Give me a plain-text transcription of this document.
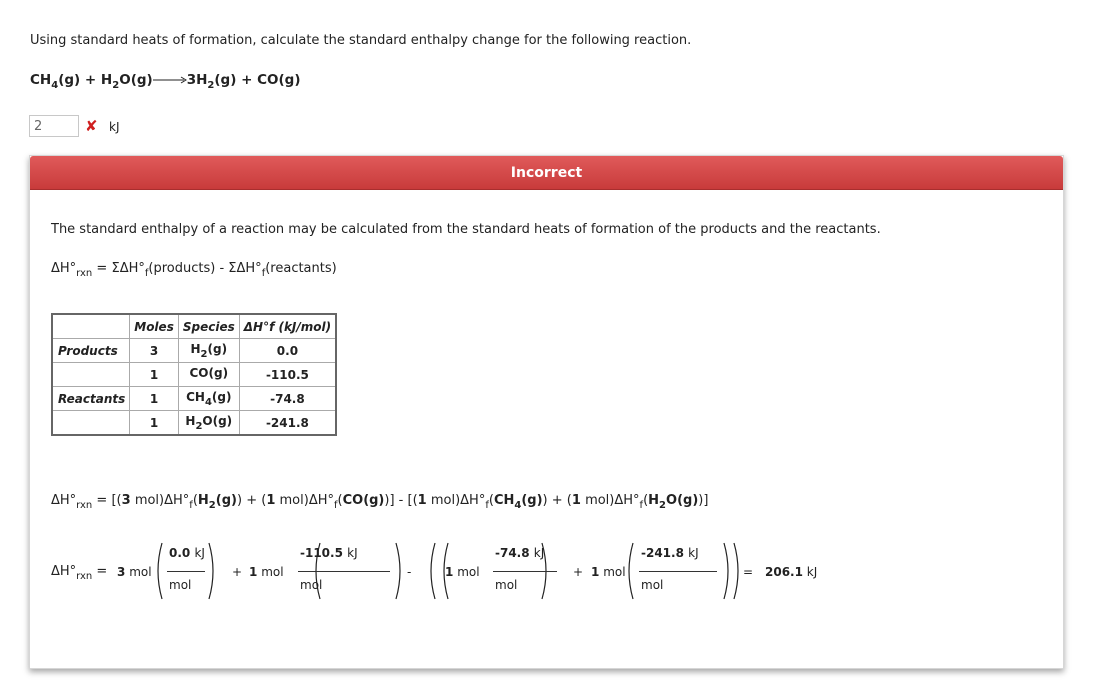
Using standard heats of formation, calculate the standard enthalpy change for the following reaction.
$CH_4(g) + H_2O(g)\to 3H_2(g) + CO(g)$
2
✘ kJ
Incorrect
The standard enthalpy of a reaction may be calculated from the standard heats of formation of the products and the reactants.
$\Delta H^\circ_{rxn}$ = $\Sigma\Delta H^\circ_f(products)$ - $\Sigma\Delta H^\circ_f(reactants)$
	Moles	Species	ΔH°f (kJ/mol)
Products	3	$H_2(g)$	0.0
	1	CO(g)	-110.5
Reactants	1	$CH_4(g)$	-74.8
	1	$H_2O(g)$	-241.8
$\Delta H^\circ_{rxn} = [(3$ $mol)\Delta H^\circ_f(H_2(g)) + (1$ $mol)\Delta H^\circ_f(CO(g))] - [(1$ $mol)\Delta H^\circ_f(CH_4(g)) + (1$ $mol)\Delta H^\circ_f(H_2O(g))$]
$\Delta H^\circ_{rxn} = 3$ mol
0.0 kJ
mol
+ 1 mol
-110.5 kJ
mol
-	1 mol
-74.8 kJ
mol
+ 1 mol
-241.8 kJ
mol
= 206.1 kJ
